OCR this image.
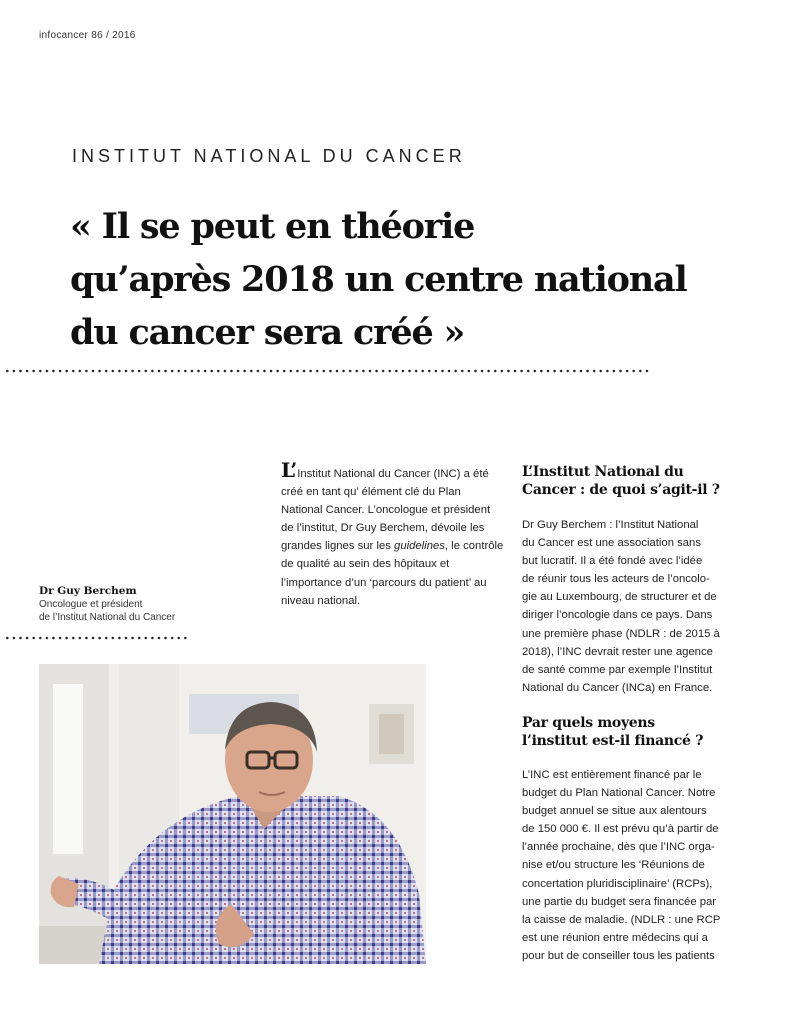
infocancer 86 / 2016
INSTITUT NATIONAL DU CANCER
« Il se peut en théorie
qu’après 2018 un centre national
du cancer sera créé »
L’Institut National du Cancer (INC) a été créé en tant qu’ élément clé du Plan National Cancer. L’oncologue et président de l’institut, Dr Guy Berchem, dévoile les grandes lignes sur les guidelines, le contrôle de qualité au sein des hôpitaux et l’importance d’un ‘parcours du patient’ au niveau national.
Dr Guy Berchem
Oncologue et président
de l’Institut National du Cancer
L’Institut National du
Cancer : de quoi s’agit-il ?

Dr Guy Berchem : l’Institut National
du Cancer est une association sans
but lucratif. Il a été fondé avec l’idée
de réunir tous les acteurs de l’oncolo-
gie au Luxembourg, de structurer et de
diriger l’oncologie dans ce pays. Dans
une première phase (NDLR : de 2015 à
2018), l’INC devrait rester une agence
de santé comme par exemple l’Institut
National du Cancer (INCa) en France.

Par quels moyens
l’institut est-il financé ?

L’INC est entièrement financé par le
budget du Plan National Cancer. Notre
budget annuel se situe aux alentours
de 150 000 €. Il est prévu qu’à partir de
l’année prochaine, dès que l’INC orga-
nise et/ou structure les ‘Réunions de
concertation pluridisciplinaire’ (RCPs),
une partie du budget sera financée par
la caisse de maladie. (NDLR : une RCP
est une réunion entre médecins qui a
pour but de conseiller tous les patients
